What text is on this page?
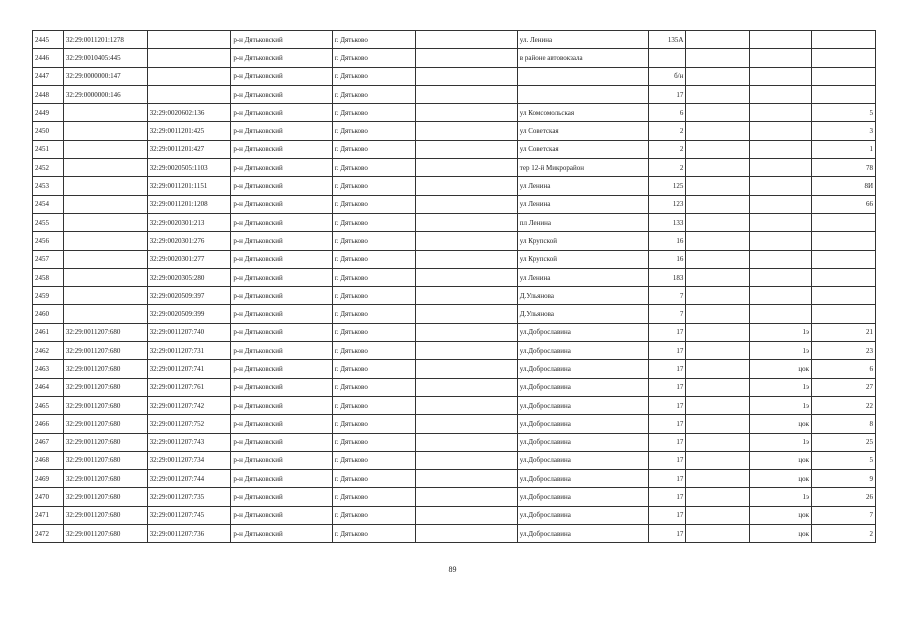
2445	32:29:0011201:1278		р-н Дятьковский	г. Дятьково		ул. Ленина	135А			
2446	32:29:0010405:445		р-н Дятьковский	г. Дятьково		в районе автовокзала				
2447	32:29:0000000:147		р-н Дятьковский	г. Дятьково			б/н			
2448	32:29:0000000:146		р-н Дятьковский	г. Дятьково			17			
2449		32:29:0020602:136	р-н Дятьковский	г. Дятьково		ул Комсомольская	6			5
2450		32:29:0011201:425	р-н Дятьковский	г. Дятьково		ул Советская	2			3
2451		32:29:0011201:427	р-н Дятьковский	г. Дятьково		ул Советская	2			1
2452		32:29:0020505:1103	р-н Дятьковский	г. Дятьково		тер 12-й Микрорайон	2			78
2453		32:29:0011201:1151	р-н Дятьковский	г. Дятьково		ул Ленина	125			8И
2454		32:29:0011201:1208	р-н Дятьковский	г. Дятьково		ул Ленина	123			66
2455		32:29:0020301:213	р-н Дятьковский	г. Дятьково		пл Ленина	133			
2456		32:29:0020301:276	р-н Дятьковский	г. Дятьково		ул Крупской	16			
2457		32:29:0020301:277	р-н Дятьковский	г. Дятьково		ул Крупской	16			
2458		32:29:0020305:280	р-н Дятьковский	г. Дятьково		ул Ленина	183			
2459		32:29:0020509:397	р-н Дятьковский	г. Дятьково		Д.Ульянова	7			
2460		32:29:0020509:399	р-н Дятьковский	г. Дятьково		Д.Ульянова	7			
2461	32:29:0011207:680	32:29:0011207:740	р-н Дятьковский	г. Дятьково		ул.Доброславина	17		1э	21
2462	32:29:0011207:680	32:29:0011207:731	р-н Дятьковский	г. Дятьково		ул.Доброславина	17		1э	23
2463	32:29:0011207:680	32:29:0011207:741	р-н Дятьковский	г. Дятьково		ул.Доброславина	17		цок	6
2464	32:29:0011207:680	32:29:0011207:761	р-н Дятьковский	г. Дятьково		ул.Доброславина	17		1э	27
2465	32:29:0011207:680	32:29:0011207:742	р-н Дятьковский	г. Дятьково		ул.Доброславина	17		1э	22
2466	32:29:0011207:680	32:29:0011207:752	р-н Дятьковский	г. Дятьково		ул.Доброславина	17		цок	8
2467	32:29:0011207:680	32:29:0011207:743	р-н Дятьковский	г. Дятьково		ул.Доброславина	17		1э	25
2468	32:29:0011207:680	32:29:0011207:734	р-н Дятьковский	г. Дятьково		ул.Доброславина	17		цок	5
2469	32:29:0011207:680	32:29:0011207:744	р-н Дятьковский	г. Дятьково		ул.Доброславина	17		цок	9
2470	32:29:0011207:680	32:29:0011207:735	р-н Дятьковский	г. Дятьково		ул.Доброславина	17		1э	26
2471	32:29:0011207:680	32:29:0011207:745	р-н Дятьковский	г. Дятьково		ул.Доброславина	17		цок	7
2472	32:29:0011207:680	32:29:0011207:736	р-н Дятьковский	г. Дятьково		ул.Доброславина	17		цок	2
89
